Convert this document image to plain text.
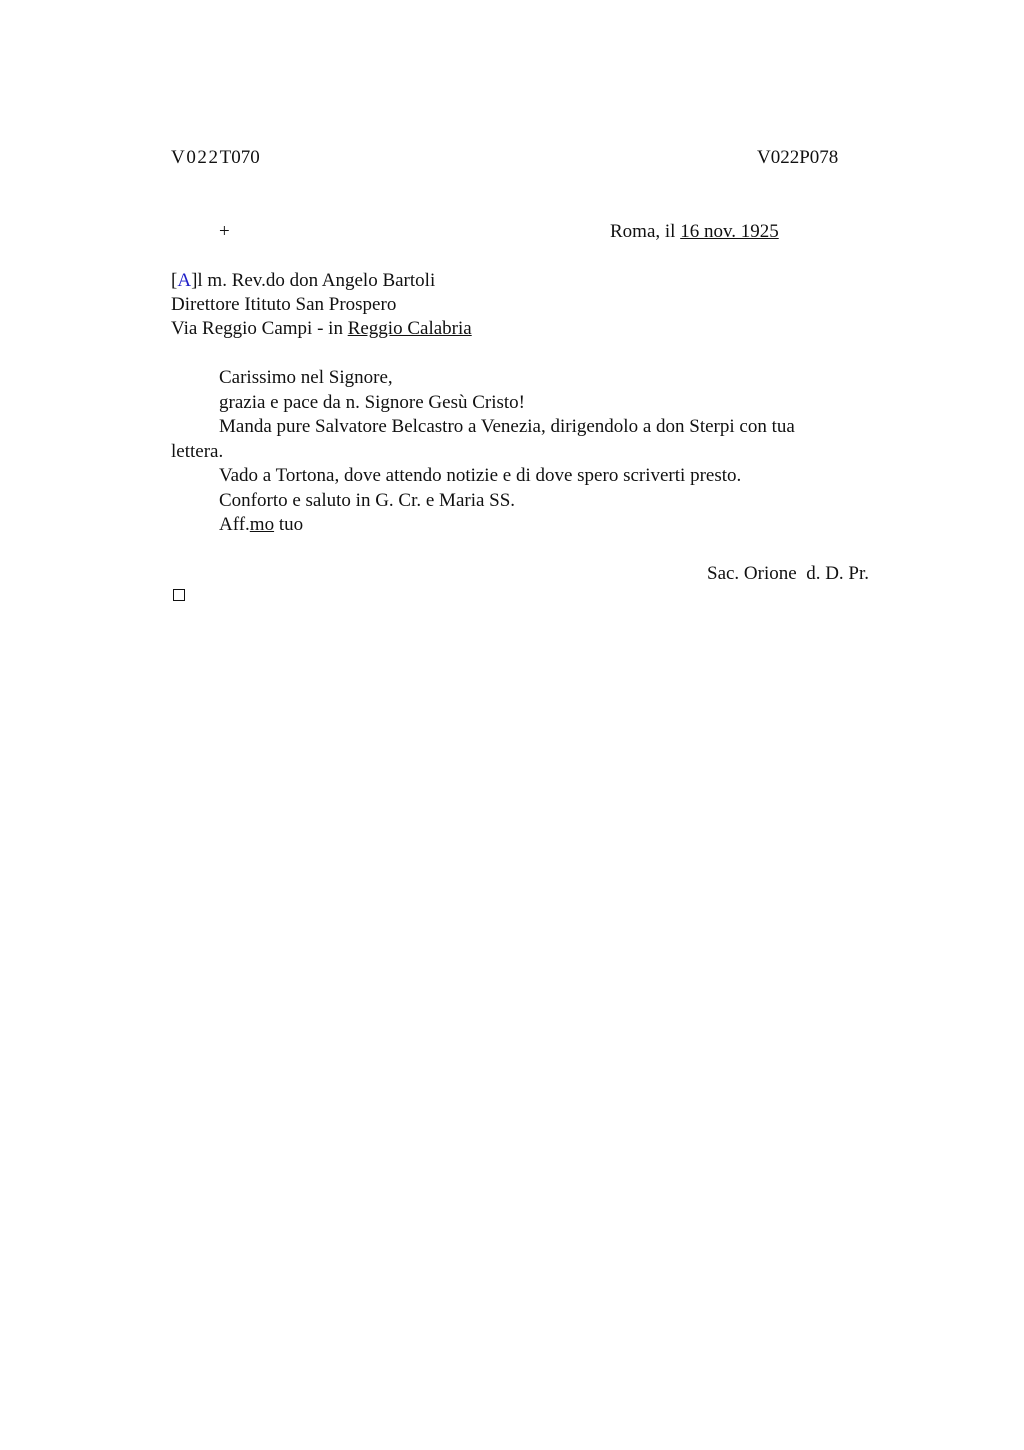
V022T070	V022P078
+	Roma, il 16 nov. 1925
[A]l m. Rev.do don Angelo Bartoli
Direttore Itituto San Prospero
Via Reggio Campi - in Reggio Calabria
Carissimo nel Signore,
grazia e pace da n. Signore Gesù Cristo!
Manda pure Salvatore Belcastro a Venezia, dirigendolo a don Sterpi con tua
lettera.
Vado a Tortona, dove attendo notizie e di dove spero scriverti presto.
Conforto e saluto in G. Cr. e Maria SS.
Aff.mo tuo
Sac. Orione  d. D. Pr.
